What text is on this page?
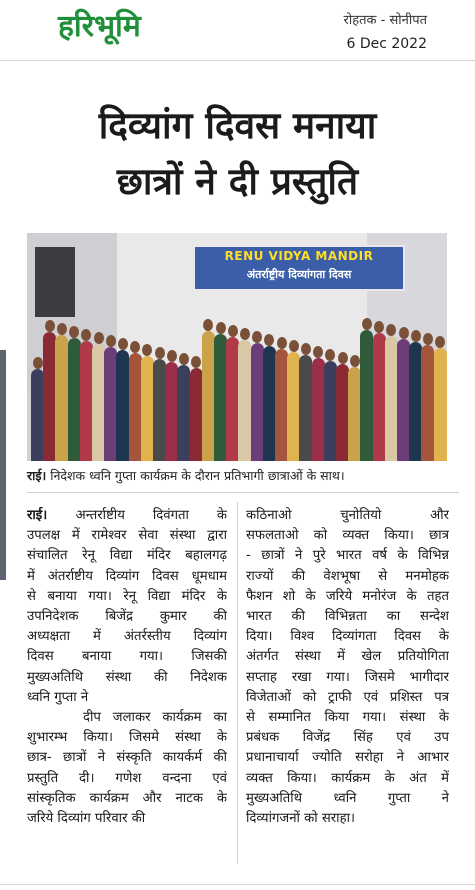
हरिभूमि	रोहतक - सोनीपत
6 Dec 2022
दिव्यांग दिवस मनाया
छात्रों ने दी प्रस्तुति
RENU VIDYA MANDIR
अंतर्राष्ट्रीय दिव्यांगता दिवस
राई। निदेशक ध्वनि गुप्ता कार्यक्रम के दौरान प्रतिभागी छात्राओं के साथ।
राई। अन्तर्राष्टीय दिवंगता के
उपलक्ष में रामेश्वर सेवा संस्था द्वारा
संचालित रेनू विद्या मंदिर बहालगढ़
में अंतर्राष्टीय दिव्यांग दिवस धूमधाम
से बनाया गया। रेनू विद्या मंदिर के
उपनिदेशक बिजेंद्र कुमार की
अध्यक्षता में अंतर्रस्तीय दिव्यांग
दिवस बनाया गया। जिसकी
मुख्यअतिथि संस्था की निदेशक
ध्वनि गुप्ता ने
दीप जलाकर कार्यक्रम का
शुभारम्भ किया। जिसमे संस्था के
छात्र- छात्रों ने संस्कृति कायर्कर्म की
प्रस्तुति दी। गणेश वन्दना एवं
सांस्कृतिक कार्यक्रम और नाटक के
जरिये दिव्यांग परिवार की
कठिनाओ चुनोतियो और
सफलताओ को व्यक्त किया। छात्र
- छात्रों ने पुरे भारत वर्ष के विभिन्न
राज्यों की वेशभूषा से मनमोहक
फैशन शो के जरिये मनोरंज के तहत
भारत की विभिन्नता का सन्देश
दिया। विश्व दिव्यांगता दिवस के
अंतर्गत संस्था में खेल प्रतियोगिता
सप्ताह रखा गया। जिसमे भागीदार
विजेताओं को ट्राफी एवं प्रशिस्त पत्र
से सम्मानित किया गया। संस्था के
प्रबंधक विजेंद्र सिंह एवं उप
प्रधानाचार्या ज्योति सरोहा ने आभार
व्यक्त किया। कार्यक्रम के अंत में
मुख्यअतिथि ध्वनि गुप्ता ने
दिव्यांगजनों को सराहा।
